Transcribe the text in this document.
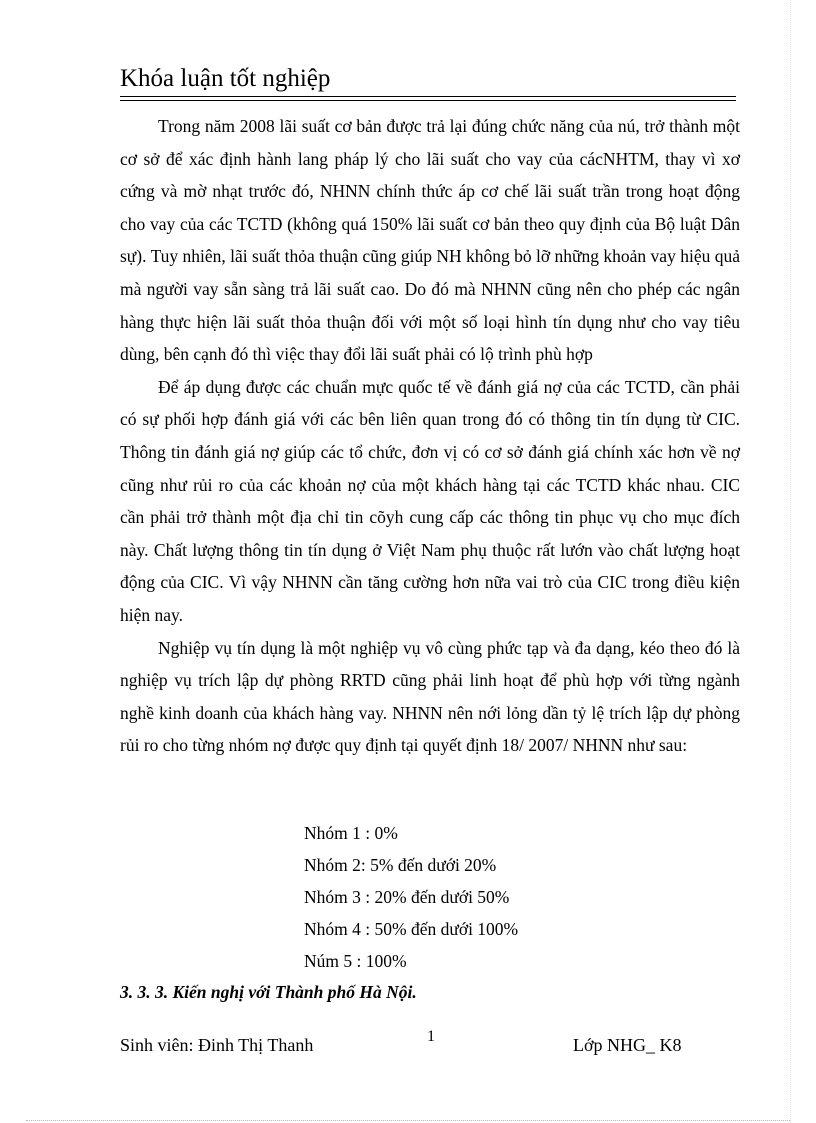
Khóa luận tốt nghiệp

Trong năm 2008 lãi suất cơ bản được trả lại đúng chức năng của nú, trở thành một cơ sở để xác định hành lang pháp lý cho lãi suất cho vay của cácNHTM, thay vì xơ cứng và mờ nhạt trước đó, NHNN chính thức áp cơ chế lãi suất trần trong hoạt động cho vay của các TCTD (không quá 150% lãi suất cơ bản theo quy định của Bộ luật Dân sự). Tuy nhiên, lãi suất thỏa thuận cũng giúp NH không bỏ lỡ những khoản vay hiệu quả mà người vay sẵn sàng trả lãi suất cao. Do đó mà NHNN cũng nên cho phép các ngân hàng thực hiện lãi suất thỏa thuận đối với một số loại hình tín dụng như cho vay tiêu dùng, bên cạnh đó thì việc thay đổi lãi suất phải có lộ trình phù hợp

Để áp dụng được các chuẩn mực quốc tế về đánh giá nợ của các TCTD, cần phải có sự phối hợp đánh giá với các bên liên quan trong đó có thông tin tín dụng từ CIC. Thông tin đánh giá nợ giúp các tổ chức, đơn vị có cơ sở đánh giá chính xác hơn về nợ cũng như rủi ro của các khoản nợ của một khách hàng tại các TCTD khác nhau. CIC cần phải trở thành một địa chỉ tin cõyh cung cấp các thông tin phục vụ cho mục đích này. Chất lượng thông tin tín dụng ở Việt Nam phụ thuộc rất lướn vào chất lượng hoạt động của CIC. Vì vậy NHNN cần tăng cường hơn nữa vai trò của CIC trong điều kiện hiện nay.

Nghiệp vụ tín dụng là một nghiệp vụ vô cùng phức tạp và đa dạng, kéo theo đó là nghiệp vụ trích lập dự phòng RRTD cũng phải linh hoạt để phù hợp với từng ngành nghề kinh doanh của khách hàng vay. NHNN nên nới lỏng dần tỷ lệ trích lập dự phòng rủi ro cho từng nhóm nợ được quy định tại quyết định 18/ 2007/ NHNN như sau:

Nhóm 1 : 0%
Nhóm 2: 5% đến dưới 20%
Nhóm 3 : 20% đến dưới 50%
Nhóm 4 : 50% đến dưới 100%
Núm 5 : 100%
3. 3. 3. Kiến nghị với Thành phố Hà Nội.
Sinh viên: Đinh Thị Thanh	1	Lớp NHG_ K8
